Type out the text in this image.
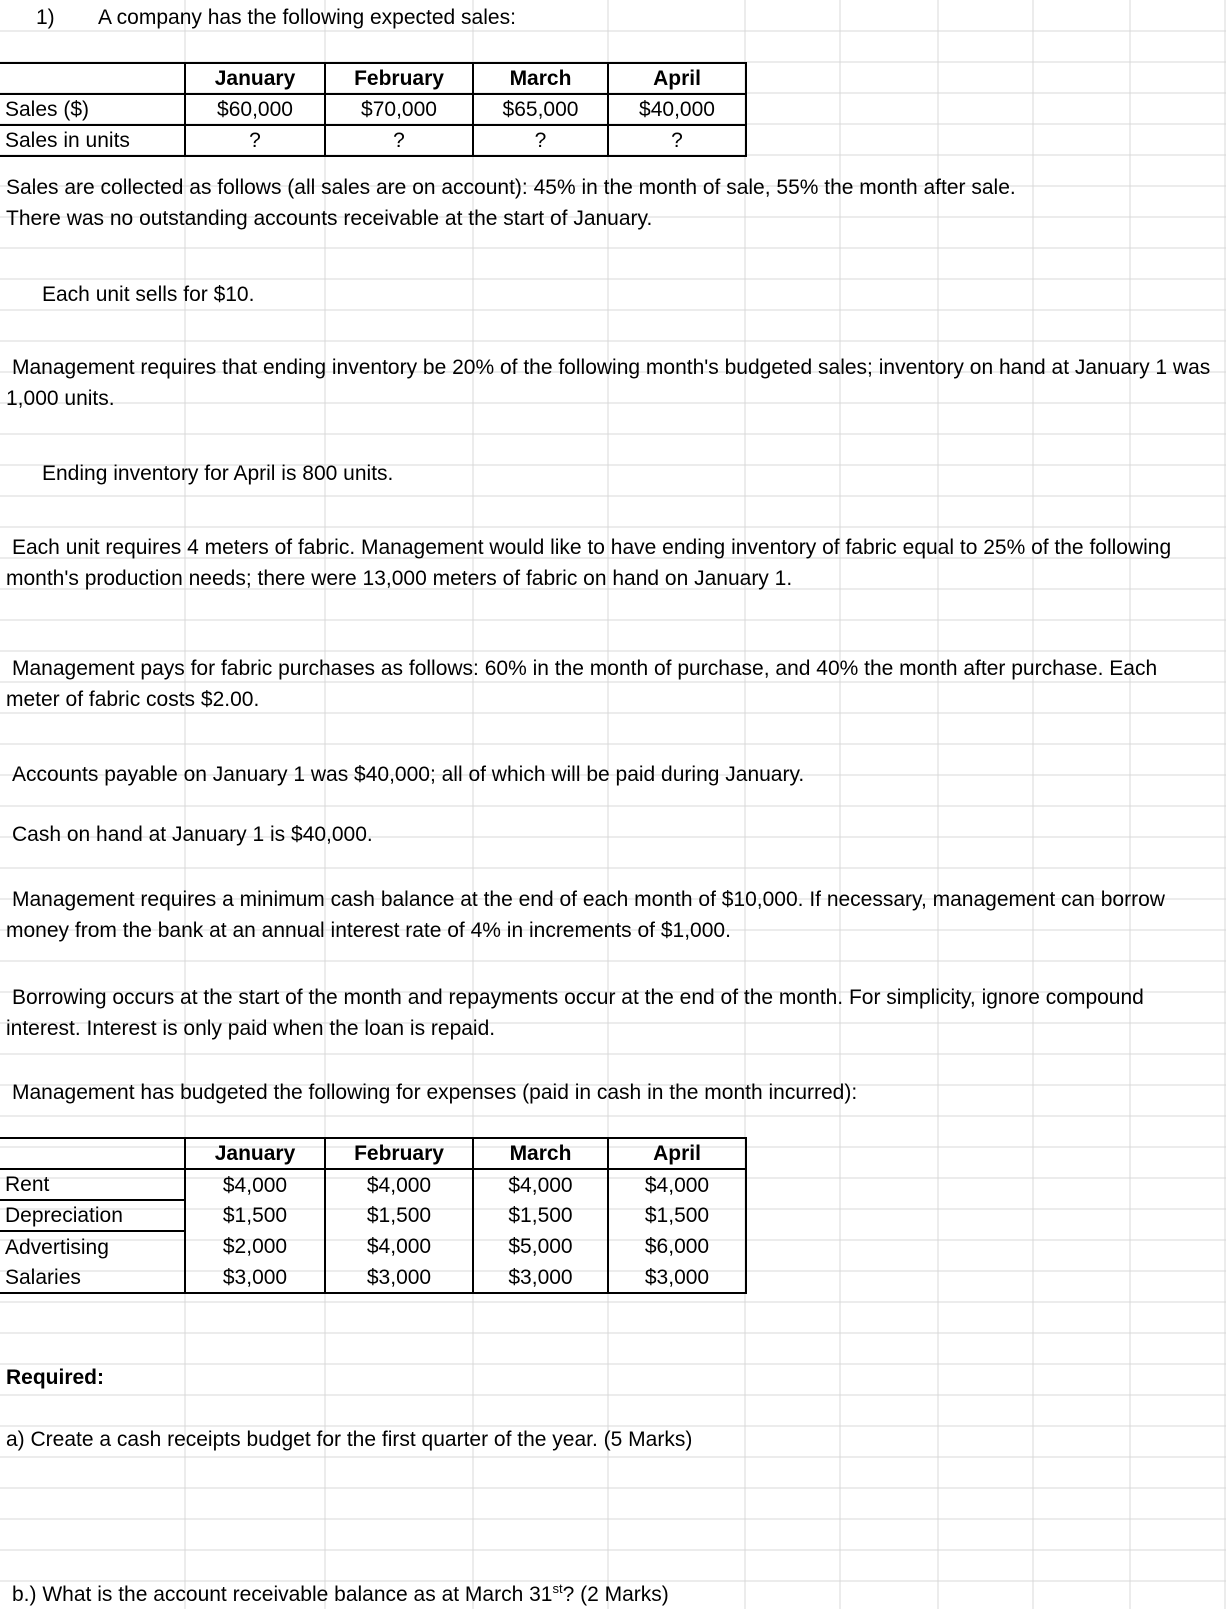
1) A company has the following expected sales:
	January	February	March	April
Sales ($)	$60,000	$70,000	$65,000	$40,000
Sales in units	?	?	?	?
Sales are collected as follows (all sales are on account): 45% in the month of sale, 55% the month after sale.
There was no outstanding accounts receivable at the start of January.
Each unit sells for $10.
Management requires that ending inventory be 20% of the following month's budgeted sales; inventory on hand at January 1 was 1,000 units.
Ending inventory for April is 800 units.
Each unit requires 4 meters of fabric. Management would like to have ending inventory of fabric equal to 25% of the following month's production needs; there were 13,000 meters of fabric on hand on January 1.
Management pays for fabric purchases as follows: 60% in the month of purchase, and 40% the month after purchase. Each meter of fabric costs $2.00.
Accounts payable on January 1 was $40,000; all of which will be paid during January.
Cash on hand at January 1 is $40,000.
Management requires a minimum cash balance at the end of each month of $10,000. If necessary, management can borrow money from the bank at an annual interest rate of 4% in increments of $1,000.
Borrowing occurs at the start of the month and repayments occur at the end of the month. For simplicity, ignore compound interest. Interest is only paid when the loan is repaid.
Management has budgeted the following for expenses (paid in cash in the month incurred):
	January	February	March	April
Rent	$4,000	$4,000	$4,000	$4,000
Depreciation	$1,500	$1,500	$1,500	$1,500
Advertising	$2,000	$4,000	$5,000	$6,000
Salaries	$3,000	$3,000	$3,000	$3,000
Required:
a) Create a cash receipts budget for the first quarter of the year. (5 Marks)
b.) What is the account receivable balance as at March 31st? (2 Marks)
